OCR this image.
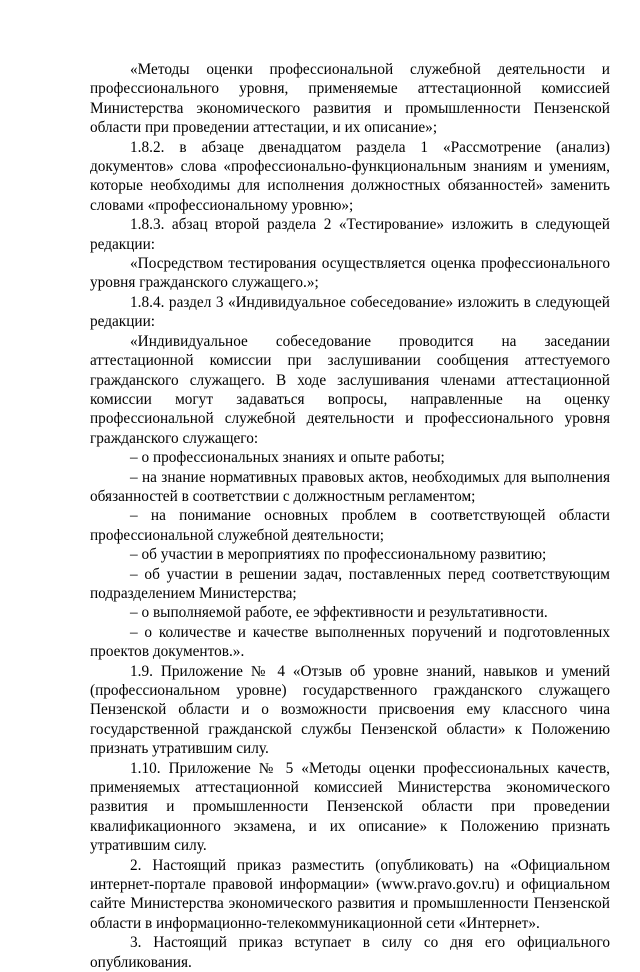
«Методы оценки профессиональной служебной деятельности и профессионального уровня, применяемые аттестационной комиссией Министерства экономического развития и промышленности Пензенской области при проведении аттестации, и их описание»;

1.8.2. в абзаце двенадцатом раздела 1 «Рассмотрение (анализ) документов» слова «профессионально-функциональным знаниям и умениям, которые необходимы для исполнения должностных обязанностей» заменить словами «профессиональному уровню»;

1.8.3. абзац второй раздела 2 «Тестирование» изложить в следующей редакции:

«Посредством тестирования осуществляется оценка профессионального уровня гражданского служащего.»;

1.8.4. раздел 3 «Индивидуальное собеседование» изложить в следующей редакции:

«Индивидуальное собеседование проводится на заседании аттестационной комиссии при заслушивании сообщения аттестуемого гражданского служащего. В ходе заслушивания членами аттестационной комиссии могут задаваться вопросы, направленные на оценку профессиональной служебной деятельности и профессионального уровня гражданского служащего:

– о профессиональных знаниях и опыте работы;

– на знание нормативных правовых актов, необходимых для выполнения обязанностей в соответствии с должностным регламентом;

– на понимание основных проблем в соответствующей области профессиональной служебной деятельности;

– об участии в мероприятиях по профессиональному развитию;

– об участии в решении задач, поставленных перед соответствующим подразделением Министерства;

– о выполняемой работе, ее эффективности и результативности.

– о количестве и качестве выполненных поручений и подготовленных проектов документов.».

1.9. Приложение № 4 «Отзыв об уровне знаний, навыков и умений (профессиональном уровне) государственного гражданского служащего Пензенской области и о возможности присвоения ему классного чина государственной гражданской службы Пензенской области» к Положению признать утратившим силу.

1.10. Приложение № 5 «Методы оценки профессиональных качеств, применяемых аттестационной комиссией Министерства экономического развития и промышленности Пензенской области при проведении квалификационного экзамена, и их описание» к Положению признать утратившим силу.

2. Настоящий приказ разместить (опубликовать) на «Официальном интернет-портале правовой информации» (www.pravo.gov.ru) и официальном сайте Министерства экономического развития и промышленности Пензенской области в информационно-телекоммуникационной сети «Интернет».

3. Настоящий приказ вступает в силу со дня его официального опубликования.
